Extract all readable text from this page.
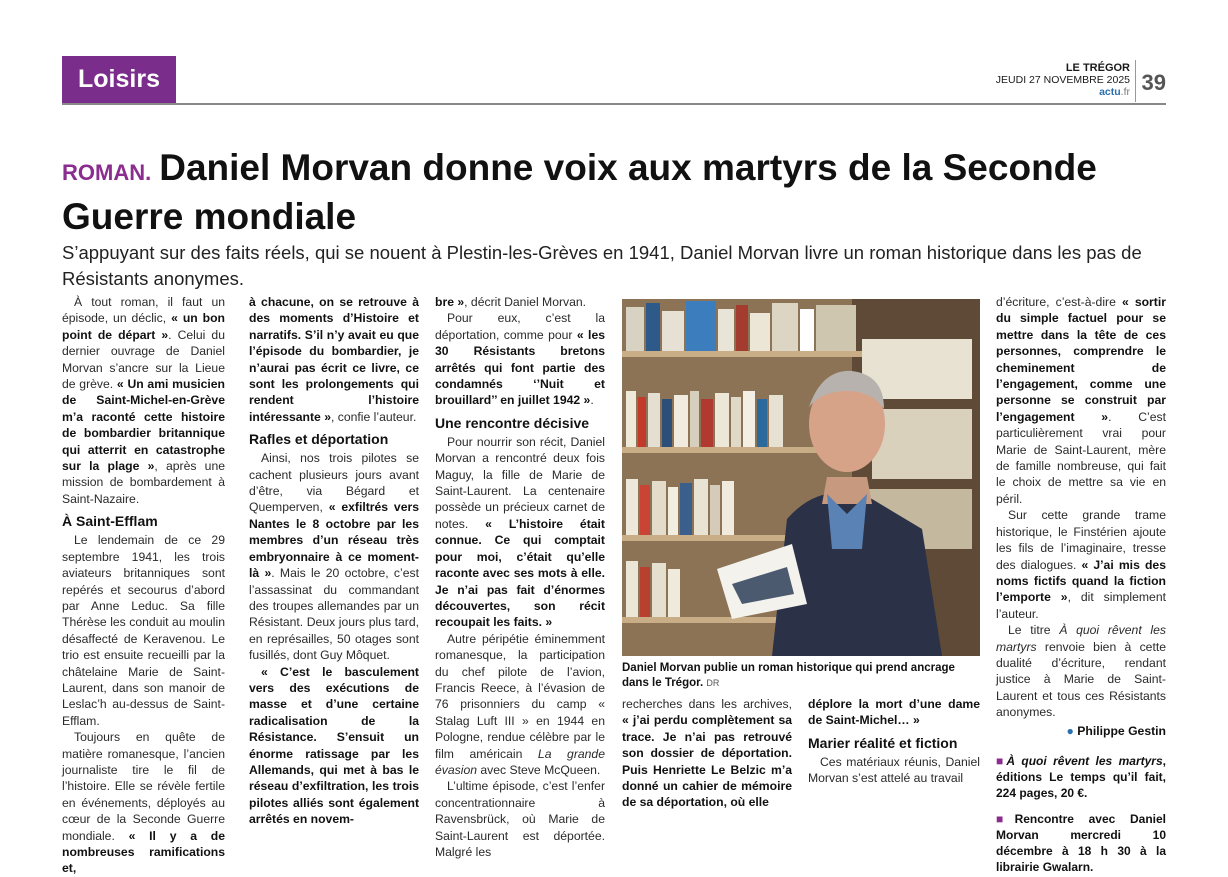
Loisirs	LE TRÉGOR
JEUDI 27 NOVEMBRE 2025
actu.fr 39
ROMAN. Daniel Morvan donne voix aux martyrs de la Seconde Guerre mondiale
S’appuyant sur des faits réels, qui se nouent à Plestin-les-Grèves en 1941, Daniel Morvan livre un roman historique dans les pas de Résistants anonymes.

À tout roman, il faut un épisode, un déclic, « un bon point de départ ». Celui du dernier ouvrage de Daniel Morvan s’ancre sur la Lieue de grève. « Un ami musicien de Saint-Michel-en-Grève m’a raconté cette histoire de bombardier britannique qui atterrit en catastrophe sur la plage », après une mission de bombardement à Saint-Nazaire.

À Saint-Efflam

Le lendemain de ce 29 septembre 1941, les trois aviateurs britanniques sont repérés et secourus d’abord par Anne Leduc. Sa fille Thérèse les conduit au moulin désaffecté de Keravenou. Le trio est ensuite recueilli par la châtelaine Marie de Saint-Laurent, dans son manoir de Leslac’h au-dessus de Saint-Efflam.

Toujours en quête de matière romanesque, l’ancien journaliste tire le fil de l’histoire. Elle se révèle fertile en événements, déployés au cœur de la Seconde Guerre mondiale. « Il y a de nombreuses ramifications et,

à chacune, on se retrouve à des moments d’Histoire et narratifs. S’il n’y avait eu que l’épisode du bombardier, je n’aurai pas écrit ce livre, ce sont les prolongements qui rendent l’histoire intéressante », confie l’auteur.

Rafles et déportation

Ainsi, nos trois pilotes se cachent plusieurs jours avant d’être, via Bégard et Quemperven, « exfiltrés vers Nantes le 8 octobre par les membres d’un réseau très embryonnaire à ce moment-là ». Mais le 20 octobre, c’est l’assassinat du commandant des troupes allemandes par un Résistant. Deux jours plus tard, en représailles, 50 otages sont fusillés, dont Guy Môquet.

« C’est le basculement vers des exécutions de masse et d’une certaine radicalisation de la Résistance. S’ensuit un énorme ratissage par les Allemands, qui met à bas le réseau d’exfiltration, les trois pilotes alliés sont également arrêtés en novem-

bre », décrit Daniel Morvan.

Pour eux, c’est la déportation, comme pour « les 30 Résistants bretons arrêtés qui font partie des condamnés ‘’Nuit et brouillard’’ en juillet 1942 ».

Une rencontre décisive

Pour nourrir son récit, Daniel Morvan a rencontré deux fois Maguy, la fille de Marie de Saint-Laurent. La centenaire possède un précieux carnet de notes. « L’histoire était connue. Ce qui comptait pour moi, c’était qu’elle raconte avec ses mots à elle. Je n’ai pas fait d’énormes découvertes, son récit recoupait les faits. »

Autre péripétie éminemment romanesque, la participation du chef pilote de l’avion, Francis Reece, à l’évasion de 76 prisonniers du camp « Stalag Luft III » en 1944 en Pologne, rendue célèbre par le film américain La grande évasion avec Steve McQueen.

L’ultime épisode, c’est l’enfer concentrationnaire à Ravensbrück, où Marie de Saint-Laurent est déportée. Malgré les

Daniel Morvan publie un roman historique qui prend ancrage dans le Trégor. DR

recherches dans les archives, « j’ai perdu complètement sa trace. Je n’ai pas retrouvé son dossier de déportation. Puis Henriette Le Belzic m’a donné un cahier de mémoire de sa déportation, où elle

déplore la mort d’une dame de Saint-Michel… »

Marier réalité et fiction

Ces matériaux réunis, Daniel Morvan s’est attelé au travail

d’écriture, c’est-à-dire « sortir du simple factuel pour se mettre dans la tête de ces personnes, comprendre le cheminement de l’engagement, comme une personne se construit par l’engagement ». C’est particulièrement vrai pour Marie de Saint-Laurent, mère de famille nombreuse, qui fait le choix de mettre sa vie en péril.

Sur cette grande trame historique, le Finstérien ajoute les fils de l’imaginaire, tresse des dialogues. « J’ai mis des noms fictifs quand la fiction l’emporte », dit simplement l’auteur.

Le titre À quoi rêvent les martyrs renvoie bien à cette dualité d’écriture, rendant justice à Marie de Saint-Laurent et tous ces Résistants anonymes.

● Philippe Gestin
■À quoi rêvent les martyrs, éditions Le temps qu’il fait, 224 pages, 20 €.
■Rencontre avec Daniel Morvan mercredi 10 décembre à 18 h 30 à la librairie Gwalarn.
